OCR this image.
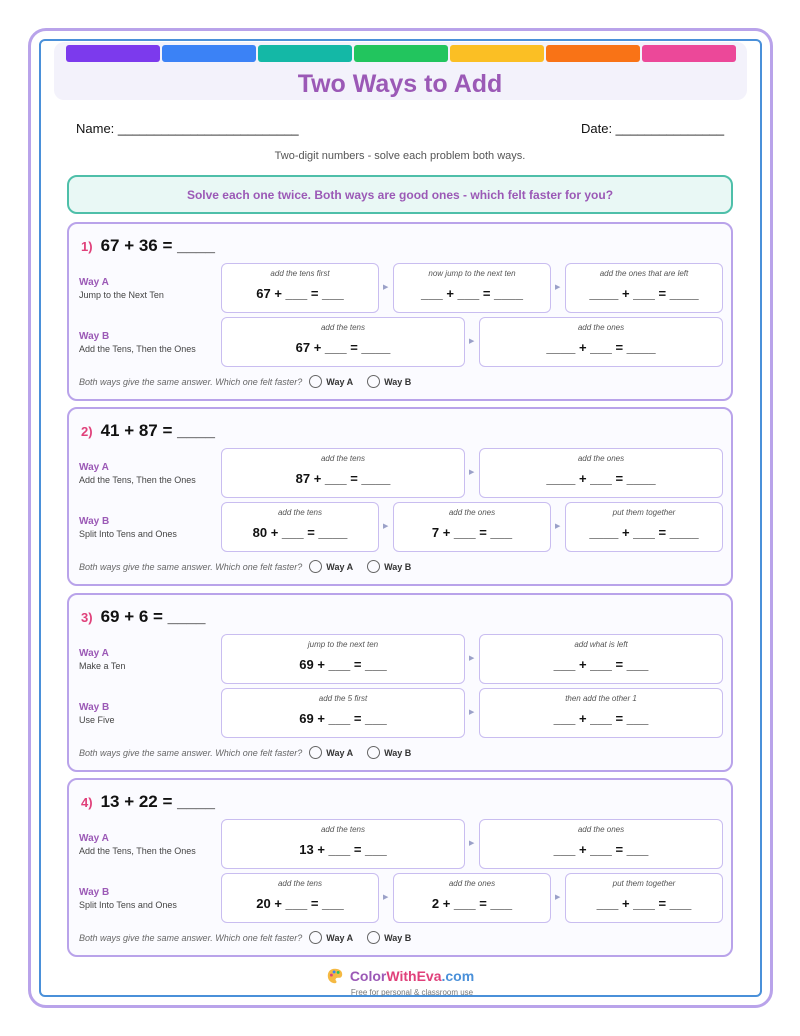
Two Ways to Add
Name: _________________________	Date: _______________
Two-digit numbers - solve each problem both ways.
Solve each one twice. Both ways are good ones - which felt faster for you?
1) 67 + 36 = ____
Way A
Jump to the Next Ten
add the tens first
67 + ___ = ___	▶
now jump to the next ten
___ + ___ = ____	▶
add the ones that are left
____ + ___ = ____
Way B
Add the Tens, Then the Ones
add the tens
67 + ___ = ____	▶
add the ones
____ + ___ = ____
Both ways give the same answer. Which one felt faster?	Way A	Way B
2) 41 + 87 = ____
Way A
Add the Tens, Then the Ones
add the tens
87 + ___ = ____	▶
add the ones
____ + ___ = ____
Way B
Split Into Tens and Ones
add the tens
80 + ___ = ____	▶
add the ones
7 + ___ = ___	▶
put them together
____ + ___ = ____
Both ways give the same answer. Which one felt faster?	Way A	Way B
3) 69 + 6 = ____
Way A
Make a Ten
jump to the next ten
69 + ___ = ___	▶
add what is left
___ + ___ = ___
Way B
Use Five
add the 5 first
69 + ___ = ___	▶
then add the other 1
___ + ___ = ___
Both ways give the same answer. Which one felt faster?	Way A	Way B
4) 13 + 22 = ____
Way A
Add the Tens, Then the Ones
add the tens
13 + ___ = ___	▶
add the ones
___ + ___ = ___
Way B
Split Into Tens and Ones
add the tens
20 + ___ = ___	▶
add the ones
2 + ___ = ___	▶
put them together
___ + ___ = ___
Both ways give the same answer. Which one felt faster?	Way A	Way B
Color WithEva .com
Free for personal & classroom use
